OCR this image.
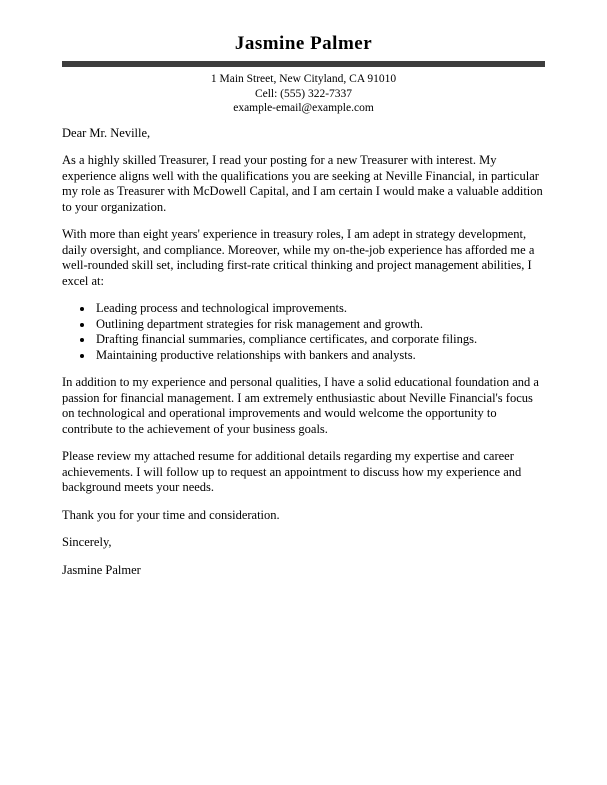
Jasmine Palmer
1 Main Street, New Cityland, CA 91010
Cell: (555) 322-7337
example-email@example.com

Dear Mr. Neville,

As a highly skilled Treasurer, I read your posting for a new Treasurer with interest. My experience aligns well with the qualifications you are seeking at Neville Financial, in particular my role as Treasurer with McDowell Capital, and I am certain I would make a valuable addition to your organization.

With more than eight years' experience in treasury roles, I am adept in strategy development, daily oversight, and compliance. Moreover, while my on-the-job experience has afforded me a well-rounded skill set, including first-rate critical thinking and project management abilities, I excel at:

• Leading process and technological improvements.
• Outlining department strategies for risk management and growth.
• Drafting financial summaries, compliance certificates, and corporate filings.
• Maintaining productive relationships with bankers and analysts.

In addition to my experience and personal qualities, I have a solid educational foundation and a passion for financial management. I am extremely enthusiastic about Neville Financial's focus on technological and operational improvements and would welcome the opportunity to contribute to the achievement of your business goals.

Please review my attached resume for additional details regarding my expertise and career achievements. I will follow up to request an appointment to discuss how my experience and background meets your needs.

Thank you for your time and consideration.

Sincerely,

Jasmine Palmer
